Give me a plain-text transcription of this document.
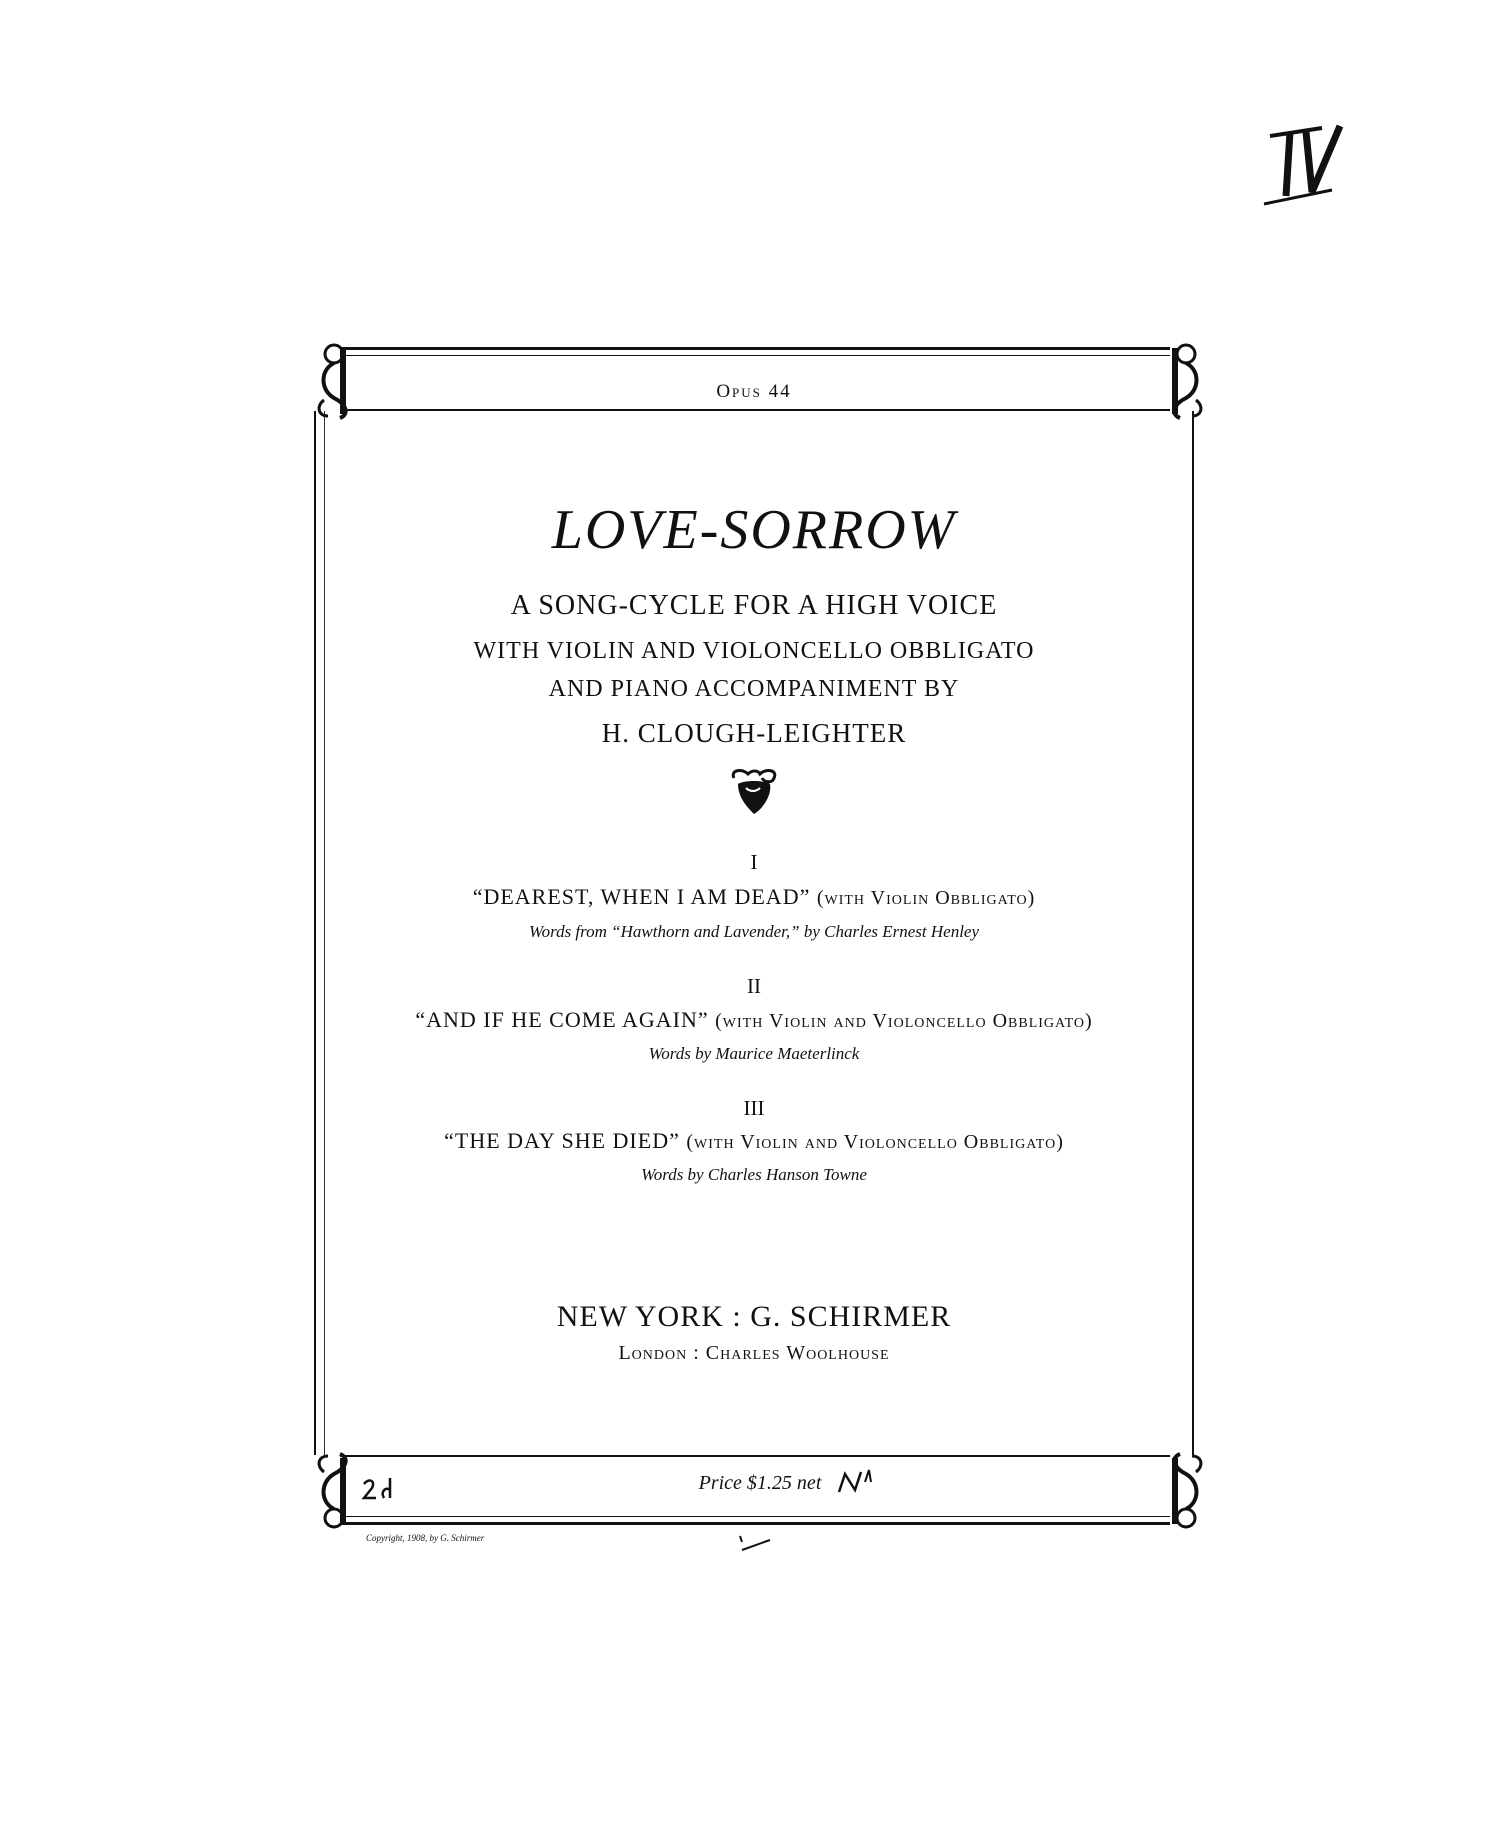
Opus 44
LOVE-SORROW
A SONG-CYCLE FOR A HIGH VOICE
WITH VIOLIN AND VIOLONCELLO OBBLIGATO
AND PIANO ACCOMPANIMENT BY
H. CLOUGH-LEIGHTER
I
“DEAREST, WHEN I AM DEAD” (with Violin Obbligato)
Words from “Hawthorn and Lavender,” by Charles Ernest Henley
II
“AND IF HE COME AGAIN” (with Violin and Violoncello Obbligato)
Words by Maurice Maeterlinck
III
“THE DAY SHE DIED” (with Violin and Violoncello Obbligato)
Words by Charles Hanson Towne
NEW YORK : G. SCHIRMER
London : Charles Woolhouse
Price $1.25 net
Copyright, 1908, by G. Schirmer
